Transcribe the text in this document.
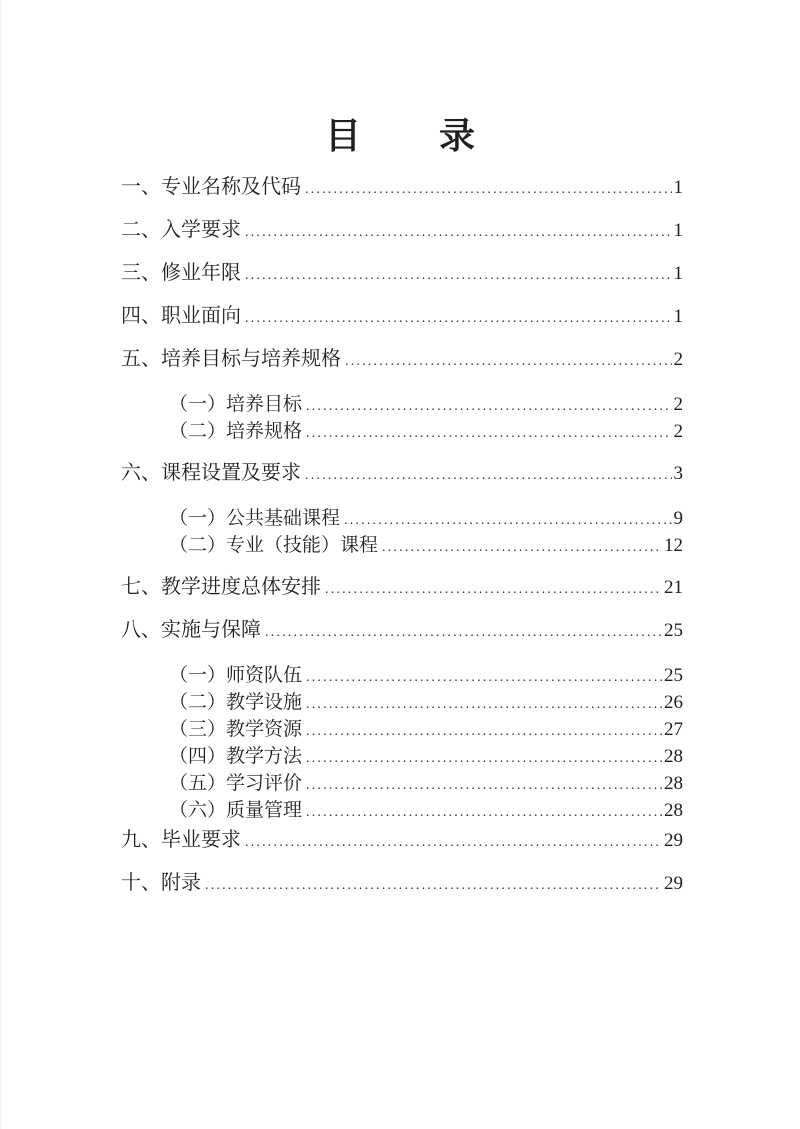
目　　录
一、专业名称及代码 .....	1
二、入学要求 .....	1
三、修业年限 .....	1
四、职业面向 .....	1
五、培养目标与培养规格 .....	2
（一）培养目标 .....	2
（二）培养规格 .....	2
六、课程设置及要求 .....	3
（一）公共基础课程 .....	9
（二）专业（技能）课程 .....	12
七、教学进度总体安排 .....	21
八、实施与保障 .....	25
（一）师资队伍 .....	25
（二）教学设施 .....	26
（三）教学资源 .....	27
（四）教学方法 .....	28
（五）学习评价 .....	28
（六）质量管理 .....	28
九、毕业要求 .....	29
十、附录 .....	29
